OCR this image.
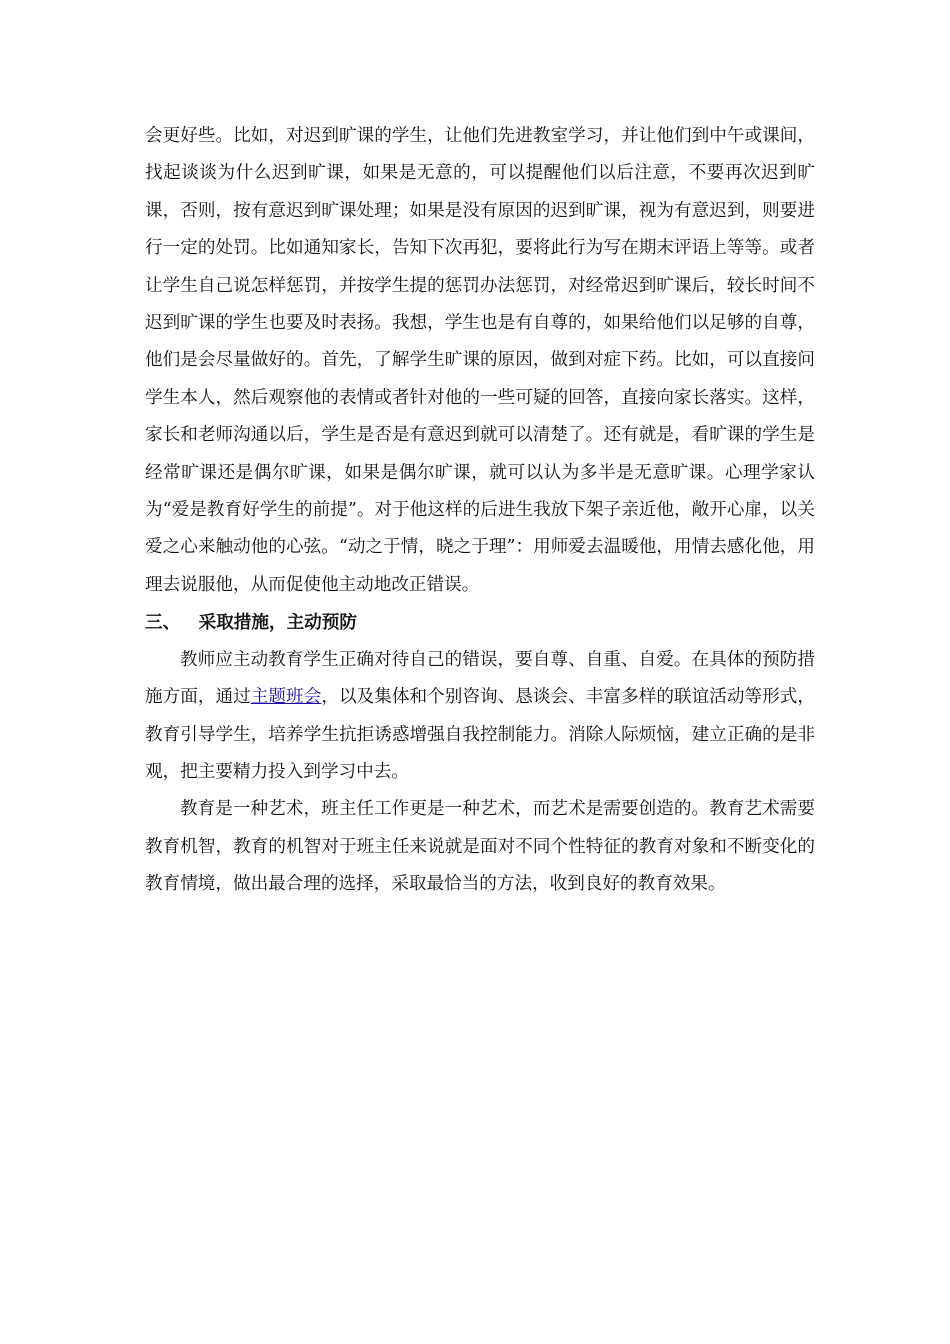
会更好些。比如，对迟到旷课的学生，让他们先进教室学习，并让他们到中午或课间，找起谈谈为什么迟到旷课，如果是无意的，可以提醒他们以后注意，不要再次迟到旷课，否则，按有意迟到旷课处理；如果是没有原因的迟到旷课，视为有意迟到，则要进行一定的处罚。比如通知家长，告知下次再犯，要将此行为写在期末评语上等等。或者让学生自己说怎样惩罚，并按学生提的惩罚办法惩罚，对经常迟到旷课后，较长时间不迟到旷课的学生也要及时表扬。我想，学生也是有自尊的，如果给他们以足够的自尊，他们是会尽量做好的。首先，了解学生旷课的原因，做到对症下药。比如，可以直接问学生本人，然后观察他的表情或者针对他的一些可疑的回答，直接向家长落实。这样，家长和老师沟通以后，学生是否是有意迟到就可以清楚了。还有就是，看旷课的学生是经常旷课还是偶尔旷课，如果是偶尔旷课，就可以认为多半是无意旷课。心理学家认为“爱是教育好学生的前提”。对于他这样的后进生我放下架子亲近他，敞开心扉，以关爱之心来触动他的心弦。“动之于情，晓之于理”：用师爱去温暖他，用情去感化他，用理去说服他，从而促使他主动地改正错误。

三、 采取措施，主动预防

教师应主动教育学生正确对待自己的错误，要自尊、自重、自爱。在具体的预防措施方面，通过主题班会，以及集体和个别咨询、恳谈会、丰富多样的联谊活动等形式，教育引导学生，培养学生抗拒诱惑增强自我控制能力。消除人际烦恼，建立正确的是非观，把主要精力投入到学习中去。

教育是一种艺术，班主任工作更是一种艺术，而艺术是需要创造的。教育艺术需要教育机智，教育的机智对于班主任来说就是面对不同个性特征的教育对象和不断变化的教育情境，做出最合理的选择，采取最恰当的方法，收到良好的教育效果。
